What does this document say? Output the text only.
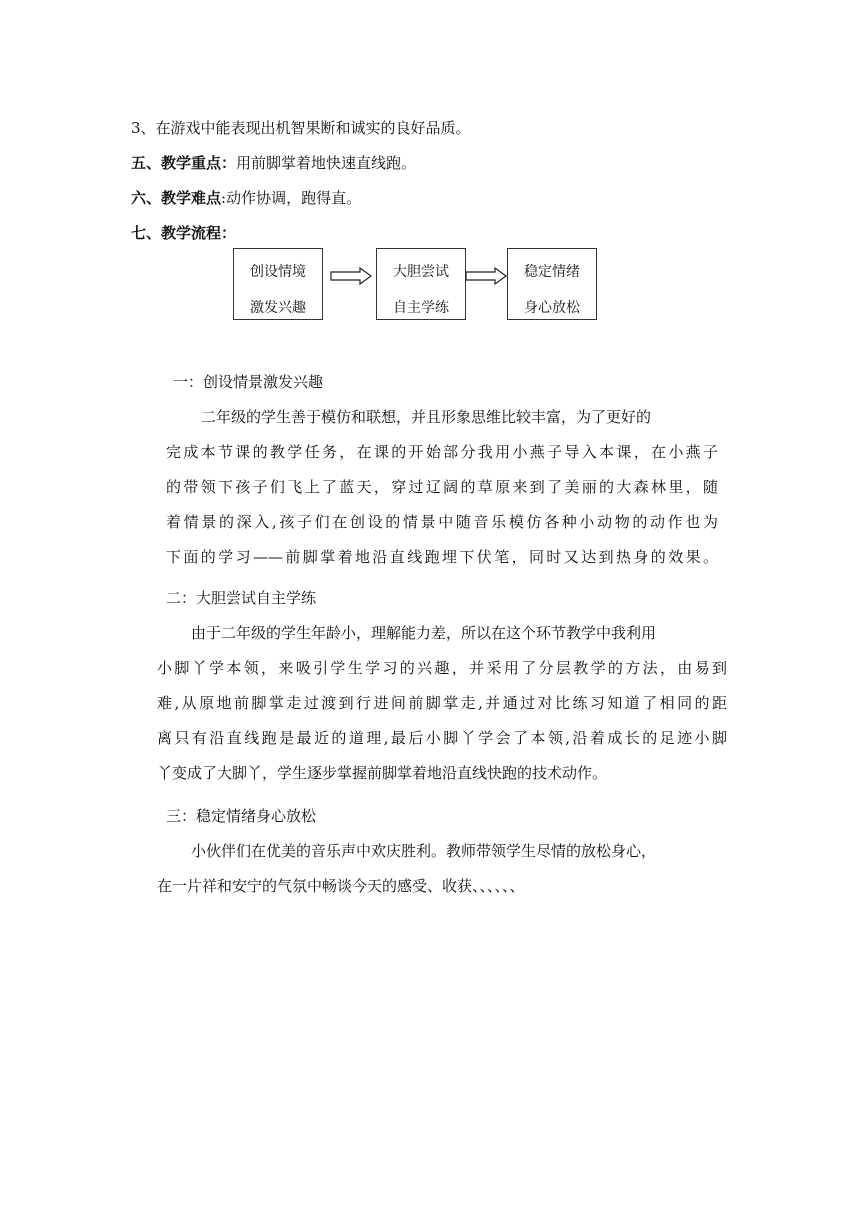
3、在游戏中能表现出机智果断和诚实的良好品质。
五、教学重点：用前脚掌着地快速直线跑。
六、教学难点:动作协调，跑得直。
七、教学流程：
创设情境
激发兴趣
大胆尝试
自主学练
稳定情绪
身心放松
一：创设情景激发兴趣
二年级的学生善于模仿和联想，并且形象思维比较丰富，为了更好的
完成本节课的教学任务，在课的开始部分我用小燕子导入本课，在小燕子
的带领下孩子们飞上了蓝天，穿过辽阔的草原来到了美丽的大森林里，随
着情景的深入,孩子们在创设的情景中随音乐模仿各种小动物的动作也为
下面的学习——前脚掌着地沿直线跑埋下伏笔，同时又达到热身的效果。
二：大胆尝试自主学练
由于二年级的学生年龄小，理解能力差，所以在这个环节教学中我利用
小脚丫学本领，来吸引学生学习的兴趣，并采用了分层教学的方法，由易到
难,从原地前脚掌走过渡到行进间前脚掌走,并通过对比练习知道了相同的距
离只有沿直线跑是最近的道理,最后小脚丫学会了本领,沿着成长的足迹小脚
丫变成了大脚丫，学生逐步掌握前脚掌着地沿直线快跑的技术动作。
三：稳定情绪身心放松
小伙伴们在优美的音乐声中欢庆胜利。教师带领学生尽情的放松身心，
在一片祥和安宁的气氛中畅谈今天的感受、收获、、、、、、
